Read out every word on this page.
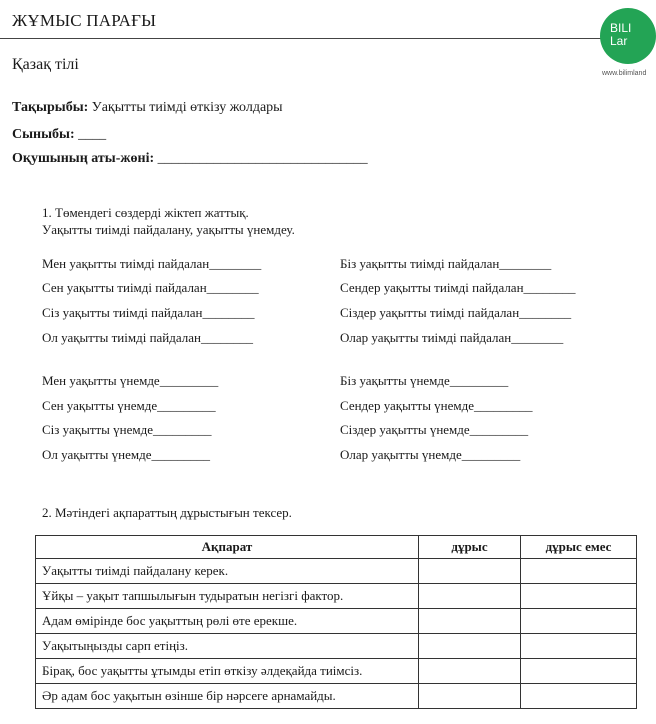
ЖҰМЫС ПАРАҒЫ	BILI
Lar
www.bilimland
Қазақ тілі
Тақырыбы: Уақытты тиімді өткізу жолдары
Сыныбы: ____
Оқушының аты-жөні: ______________________________
1. Төмендегі сөздерді жіктеп жаттық.
Уақытты тиімді пайдалану, уақытты үнемдеу.
Мен уақытты тиімді пайдалан________
Сен уақытты тиімді пайдалан________
Сіз уақытты тиімді пайдалан________
Ол уақытты тиімді пайдалан________
Біз уақытты тиімді пайдалан________
Сендер уақытты тиімді пайдалан________
Сіздер уақытты тиімді пайдалан________
Олар уақытты тиімді пайдалан________
Мен уақытты үнемде_________
Сен уақытты үнемде_________
Сіз уақытты үнемде_________
Ол уақытты үнемде_________
Біз уақытты үнемде_________
Сендер уақытты үнемде_________
Сіздер уақытты үнемде_________
Олар уақытты үнемде_________
2. Мәтіндегі ақпараттың дұрыстығын тексер.
Ақпарат	дұрыс	дұрыс емес
Уақытты тиімді пайдалану керек.		
Ұйқы – уақыт тапшылығын тудыратын негізгі фактор.		
Адам өмірінде бос уақыттың рөлі өте ерекше.		
Уақытыңызды сарп етіңіз.		
Бірақ, бос уақытты ұтымды етіп өткізу әлдеқайда тиімсіз.		
Әр адам бос уақытын өзінше бір нәрсеге арнамайды.		
